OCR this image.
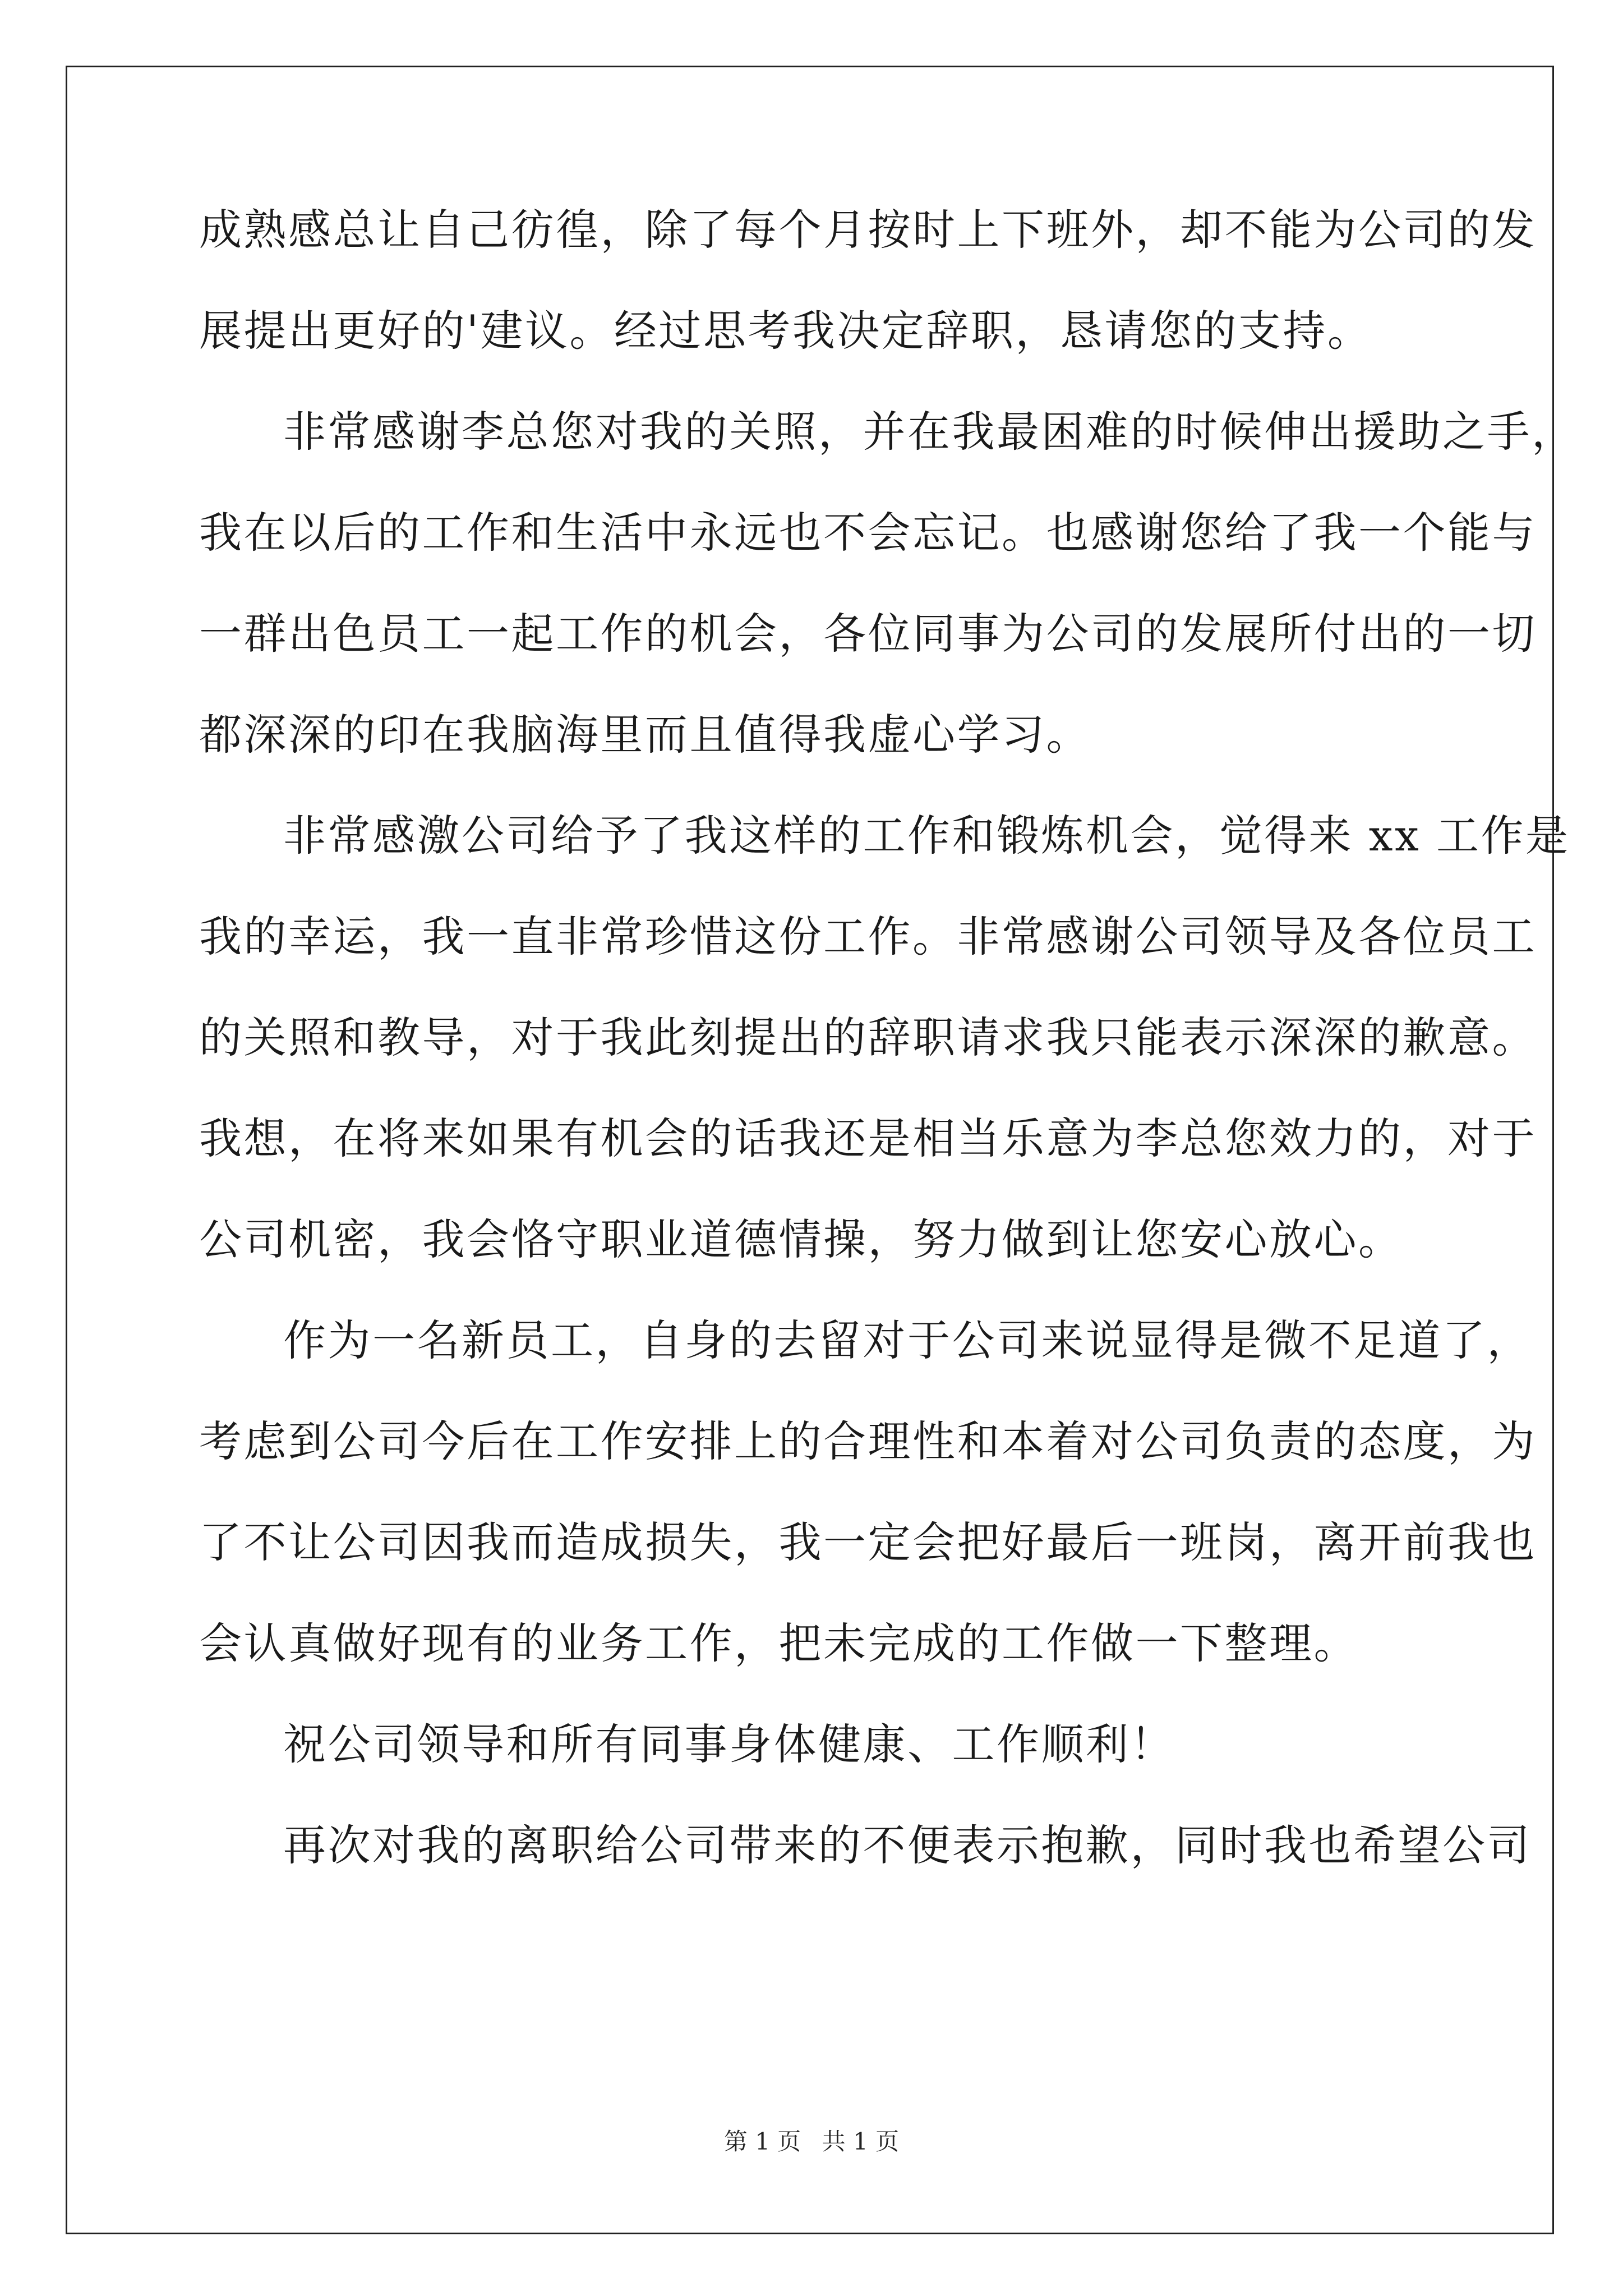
成熟感总让自己彷徨，除了每个月按时上下班外，却不能为公司的发
展提出更好的'建议。经过思考我决定辞职，恳请您的支持。
非常感谢李总您对我的关照，并在我最困难的时候伸出援助之手，
我在以后的工作和生活中永远也不会忘记。也感谢您给了我一个能与
一群出色员工一起工作的机会，各位同事为公司的发展所付出的一切
都深深的印在我脑海里而且值得我虚心学习。
非常感激公司给予了我这样的工作和锻炼机会，觉得来 xx 工作是
我的幸运，我一直非常珍惜这份工作。非常感谢公司领导及各位员工
的关照和教导，对于我此刻提出的辞职请求我只能表示深深的歉意。
我想，在将来如果有机会的话我还是相当乐意为李总您效力的，对于
公司机密，我会恪守职业道德情操，努力做到让您安心放心。
作为一名新员工，自身的去留对于公司来说显得是微不足道了，
考虑到公司今后在工作安排上的合理性和本着对公司负责的态度，为
了不让公司因我而造成损失，我一定会把好最后一班岗，离开前我也
会认真做好现有的业务工作，把未完成的工作做一下整理。
祝公司领导和所有同事身体健康、工作顺利！
再次对我的离职给公司带来的不便表示抱歉，同时我也希望公司
第 1 页 共 1 页
